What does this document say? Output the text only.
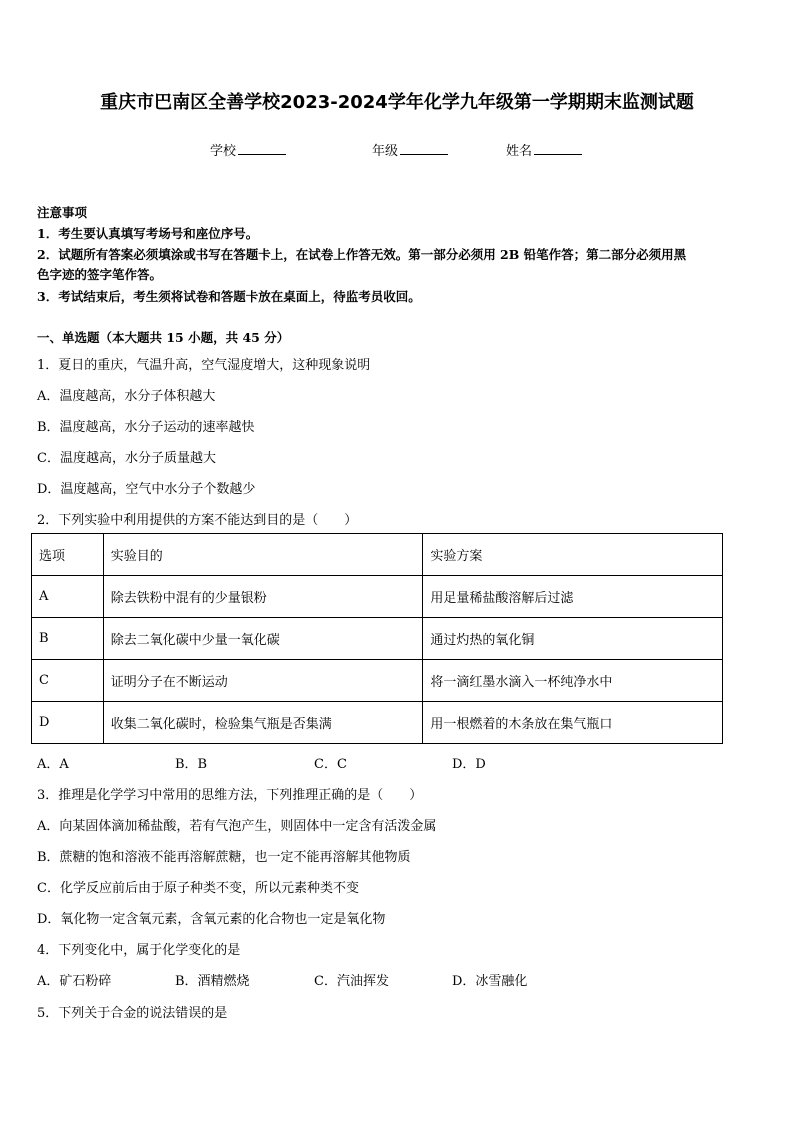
重庆市巴南区全善学校2023-2024学年化学九年级第一学期期末监测试题
学校	年级	姓名
注意事项
1．考生要认真填写考场号和座位序号。
2．试题所有答案必须填涂或书写在答题卡上，在试卷上作答无效。第一部分必须用 2B 铅笔作答；第二部分必须用黑
色字迹的签字笔作答。
3．考试结束后，考生须将试卷和答题卡放在桌面上，待监考员收回。
一、单选题（本大题共 15 小题，共 45 分）
1．夏日的重庆，气温升高，空气湿度增大，这种现象说明
A．温度越高，水分子体积越大
B．温度越高，水分子运动的速率越快
C．温度越高，水分子质量越大
D．温度越高，空气中水分子个数越少
2．下列实验中利用提供的方案不能达到目的是（　　）
选项	实验目的	实验方案
A	除去铁粉中混有的少量银粉	用足量稀盐酸溶解后过滤
B	除去二氧化碳中少量一氧化碳	通过灼热的氧化铜
C	证明分子在不断运动	将一滴红墨水滴入一杯纯净水中
D	收集二氧化碳时，检验集气瓶是否集满	用一根燃着的木条放在集气瓶口
A．A	B．B	C．C	D．D
3．推理是化学学习中常用的思维方法，下列推理正确的是（　　）
A．向某固体滴加稀盐酸，若有气泡产生，则固体中一定含有活泼金属
B．蔗糖的饱和溶液不能再溶解蔗糖，也一定不能再溶解其他物质
C．化学反应前后由于原子种类不变，所以元素种类不变
D．氧化物一定含氧元素，含氧元素的化合物也一定是氧化物
4．下列变化中，属于化学变化的是
A．矿石粉碎	B．酒精燃烧	C．汽油挥发	D．冰雪融化
5．下列关于合金的说法错误的是
